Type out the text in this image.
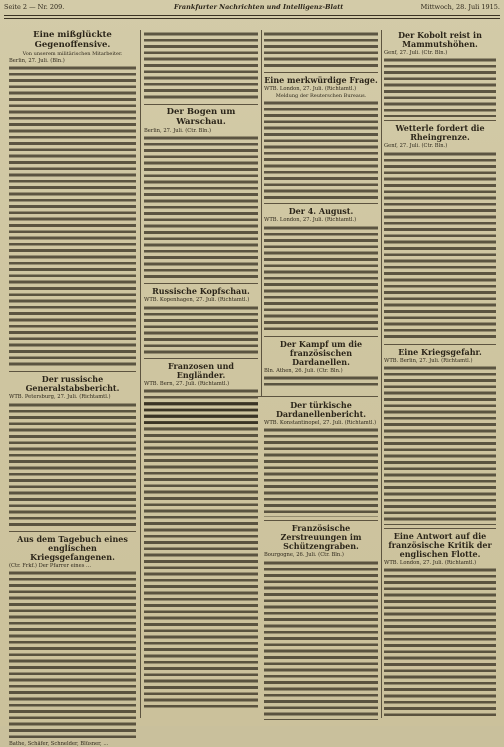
Seite 2 — Nr. 209.	Frankfurter Nachrichten und Intelligenz-Blatt	Mittwoch, 28. Juli 1915.
Eine mißglückte Gegenoffensive.
Von unserem militärischen Mitarbeiter.
Berlin, 27. Juli. (Bln.)
Der russische Generalstabsbericht.
WTB. Petersburg, 27. Juli. (Richtamtl.)
Aus dem Tagebuch eines englischen Kriegsgefangenen.
(Ctr. Frkf.) Der Pfarrer eines ...
Bathe, Schäfer, Schnelder, Blüsner, ...
Der Bogen um Warschau.
Berlin, 27. Juli. (Ctr. Bln.)
Russische Kopfschau.
WTB. Kopenhagen, 27. Juli. (Richtamtl.)
Franzosen und Engländer.
WTB. Bern, 27. Juli. (Richtamtl.)
Eine merkwürdige Frage.
WTB. London, 27. Juli. (Richtamtl.)
Meldung der Reuterschen Bureaus.
Der 4. August.
WTB. London, 27. Juli. (Richtamtl.)
Der Kampf um die französischen Dardanellen.
Bln. Athen, 26. Juli. (Ctr. Bln.)
Der türkische Dardanellenbericht.
WTB. Konstantinopel, 27. Juli. (Richtamtl.)
Französische Zerstreuungen im Schützengraben.
Bourgogne, 26. Juli. (Ctr. Bln.)
Der Kobolt reist in Mammutshöhen.
Genf, 27. Juli. (Ctr. Bln.)
Wetterle fordert die Rheingrenze.
Genf, 27. Juli. (Ctr. Bln.)
Eine Kriegsgefahr.
WTB. Berlin, 27. Juli. (Richtamtl.)
Eine Antwort auf die französische Kritik der englischen Flotte.
WTB. London, 27. Juli. (Richtamtl.)
